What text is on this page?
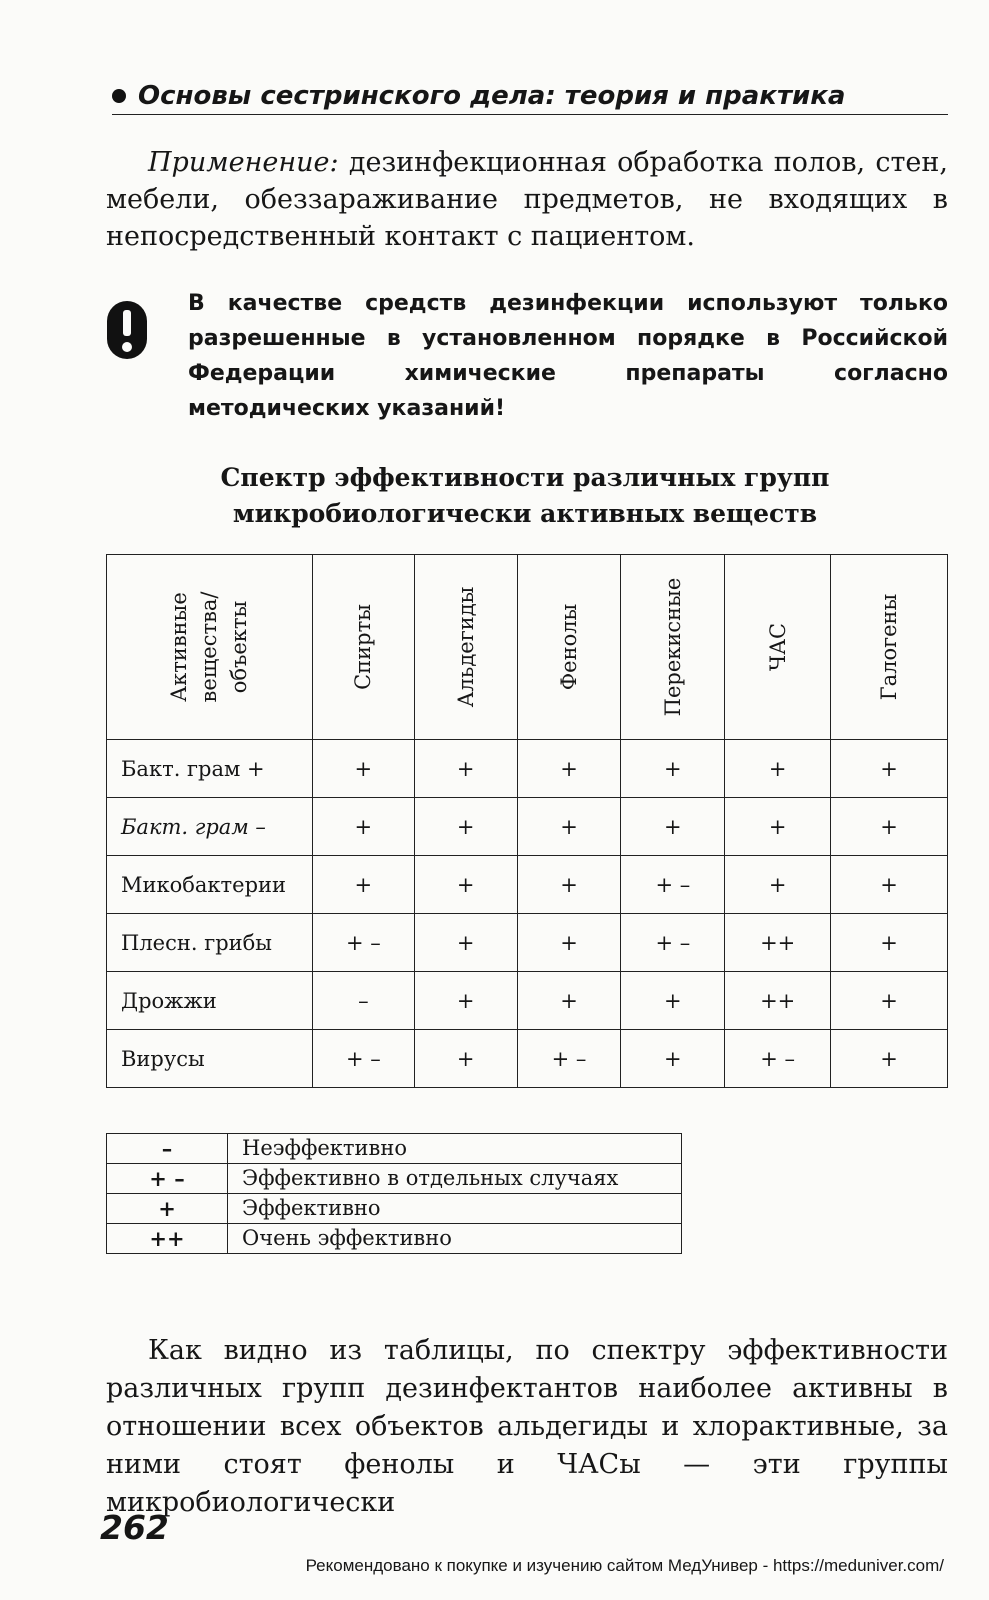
Основы сестринского дела: теория и практика
Применение: дезинфекционная обработка полов, стен, мебели, обеззараживание предметов, не входящих в непосредственный контакт с пациентом.
В качестве средств дезинфекции используют только разрешенные в установленном порядке в Российской Федерации химические препараты согласно методических указаний!
Спектр эффективности различных групп
микробиологически активных веществ
Активные
вещества/
объекты	Спирты	Альдегиды	Фенолы	Перекисные	ЧАС	Галогены

Бакт. грам +	+	+	+	+	+	+
Бакт. грам –	+	+	+	+	+	+
Микобактерии	+	+	+	+ –	+	+
Плесн. грибы	+ –	+	+	+ –	++	+
Дрожжи	–	+	+	+	++	+
Вирусы	+ –	+	+ –	+	+ –	+
–	Неэффективно
+ –	Эффективно в отдельных случаях
+	Эффективно
++	Очень эффективно
Как видно из таблицы, по спектру эффективности различных групп дезинфектантов наиболее активны в отношении всех объектов альдегиды и хлорактивные, за ними стоят фенолы и ЧАСы — эти группы микробиологически
262
Рекомендовано к покупке и изучению сайтом МедУнивер - https://meduniver.com/
